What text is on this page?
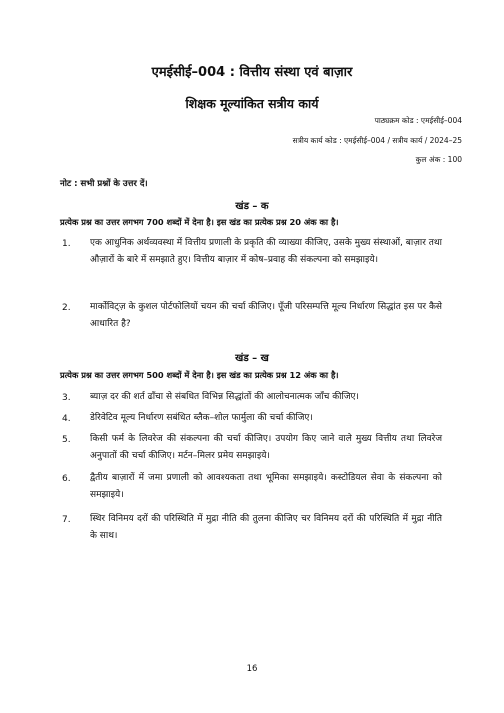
एमईसीई–004 : वित्तीय संस्था एवं बाज़ार
शिक्षक मूल्यांकित सत्रीय कार्य
पाठ्यक्रम कोड : एमईसीई–004
सत्रीय कार्य कोड : एमईसीई–004 / सत्रीय कार्य / 2024–25
कुल अंक : 100
नोट : सभी प्रश्नों के उत्तर दें।
खंड – क
प्रत्येक प्रश्न का उत्तर लगभग 700 शब्दों में देना है। इस खंड का प्रत्येक प्रश्न 20 अंक का है।
1. एक आधुनिक अर्थव्यवस्था में वित्तीय प्रणाली के प्रकृति की व्याख्या कीजिए, उसके मुख्य संस्थाओं, बाज़ार तथा औज़ारों के बारे में समझाते हुए। वित्तीय बाज़ार में कोष–प्रवाह की संकल्पना को समझाइये।
2. मार्कोविट्ज़ के कुशल पोर्टफोलियों चयन की चर्चा कीजिए। पूँजी परिसम्पत्ति मूल्य निर्धारण सिद्धांत इस पर कैसे आधारित है?
खंड – ख
प्रत्येक प्रश्न का उत्तर लगभग 500 शब्दों में देना है। इस खंड का प्रत्येक प्रश्न 12 अंक का है।
3. ब्याज़ दर की शर्त ढाँचा से संबधित विभिन्न सिद्धांतों की आलोचनात्मक जाँच कीजिए।
4. डेरिवेटिव मूल्य निर्धारण सबंधित ब्लैक–शोल फार्मुला की चर्चा कीजिए।
5. किसी फर्म के लिवरेज की संकल्पना की चर्चा कीजिए। उपयोग किए जाने वाले मुख्य वित्तीय तथा लिवरेज अनुपातों की चर्चा कीजिए। मर्टन–मिलर प्रमेय समझाइये।
6. द्वैतीय बाज़ारों में जमा प्रणाली को आवश्यकता तथा भूमिका समझाइये। कस्टोडियल सेवा के संकल्पना को समझाइये।
7. स्थिर विनिमय दरों की परिस्थिति में मुद्रा नीति की तुलना कीजिए चर विनिमय दरों की परिस्थिति में मुद्रा नीति के साथ।
16
